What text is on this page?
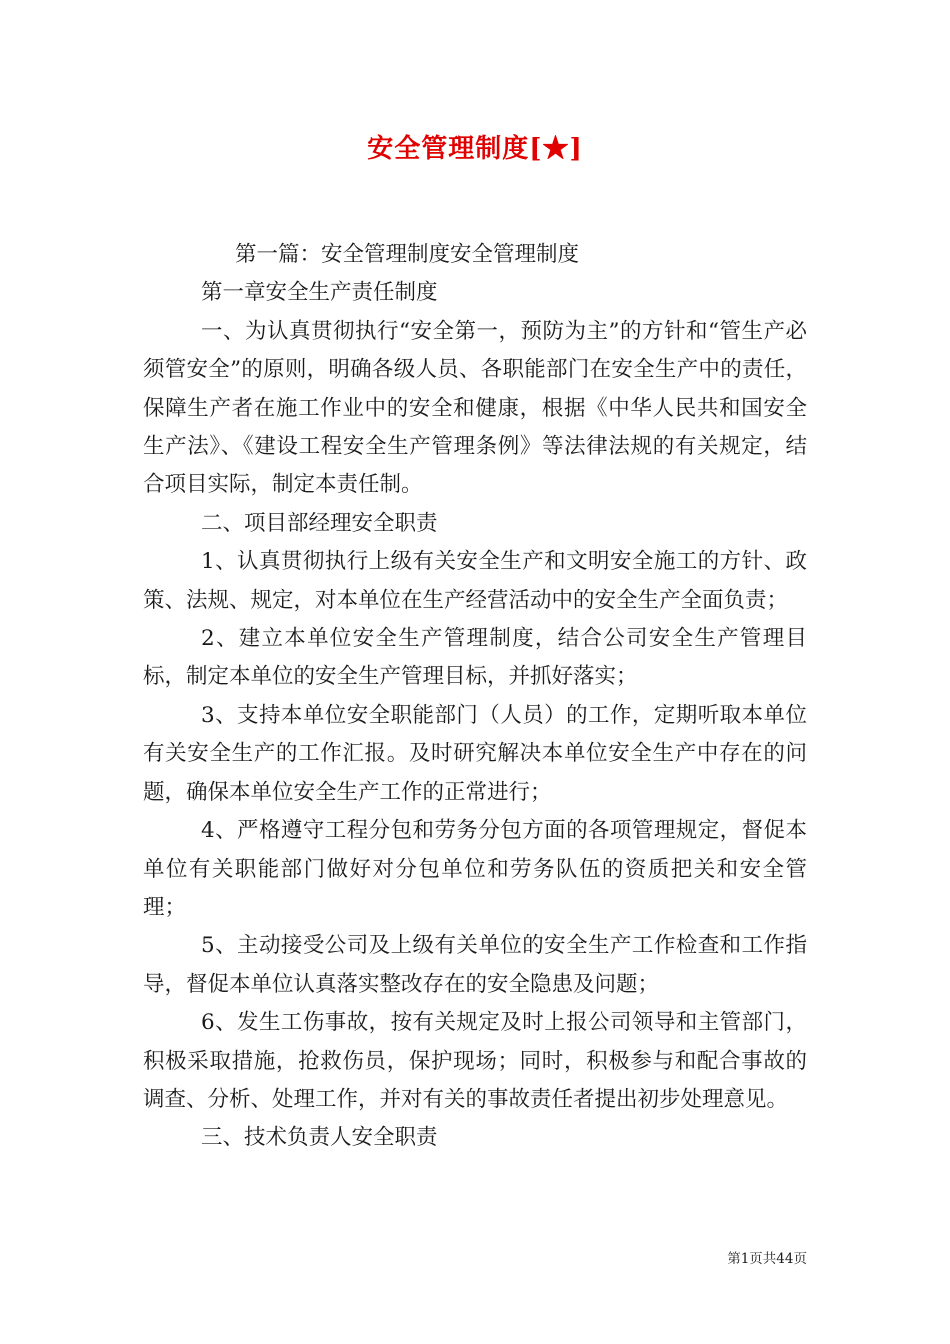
安全管理制度[★]

第一篇：安全管理制度安全管理制度

第一章安全生产责任制度

一、为认真贯彻执行“安全第一，预防为主”的方针和“管生产必须管安全”的原则，明确各级人员、各职能部门在安全生产中的责任，保障生产者在施工作业中的安全和健康，根据《中华人民共和国安全生产法》、《建设工程安全生产管理条例》等法律法规的有关规定，结合项目实际，制定本责任制。

二、项目部经理安全职责

1、认真贯彻执行上级有关安全生产和文明安全施工的方针、政策、法规、规定，对本单位在生产经营活动中的安全生产全面负责；

2、建立本单位安全生产管理制度，结合公司安全生产管理目标，制定本单位的安全生产管理目标，并抓好落实；

3、支持本单位安全职能部门（人员）的工作，定期听取本单位有关安全生产的工作汇报。及时研究解决本单位安全生产中存在的问题，确保本单位安全生产工作的正常进行；

4、严格遵守工程分包和劳务分包方面的各项管理规定，督促本单位有关职能部门做好对分包单位和劳务队伍的资质把关和安全管理；

5、主动接受公司及上级有关单位的安全生产工作检查和工作指导，督促本单位认真落实整改存在的安全隐患及问题；

6、发生工伤事故，按有关规定及时上报公司领导和主管部门，积极采取措施，抢救伤员，保护现场；同时，积极参与和配合事故的调查、分析、处理工作，并对有关的事故责任者提出初步处理意见。

三、技术负责人安全职责

第1页共44页
